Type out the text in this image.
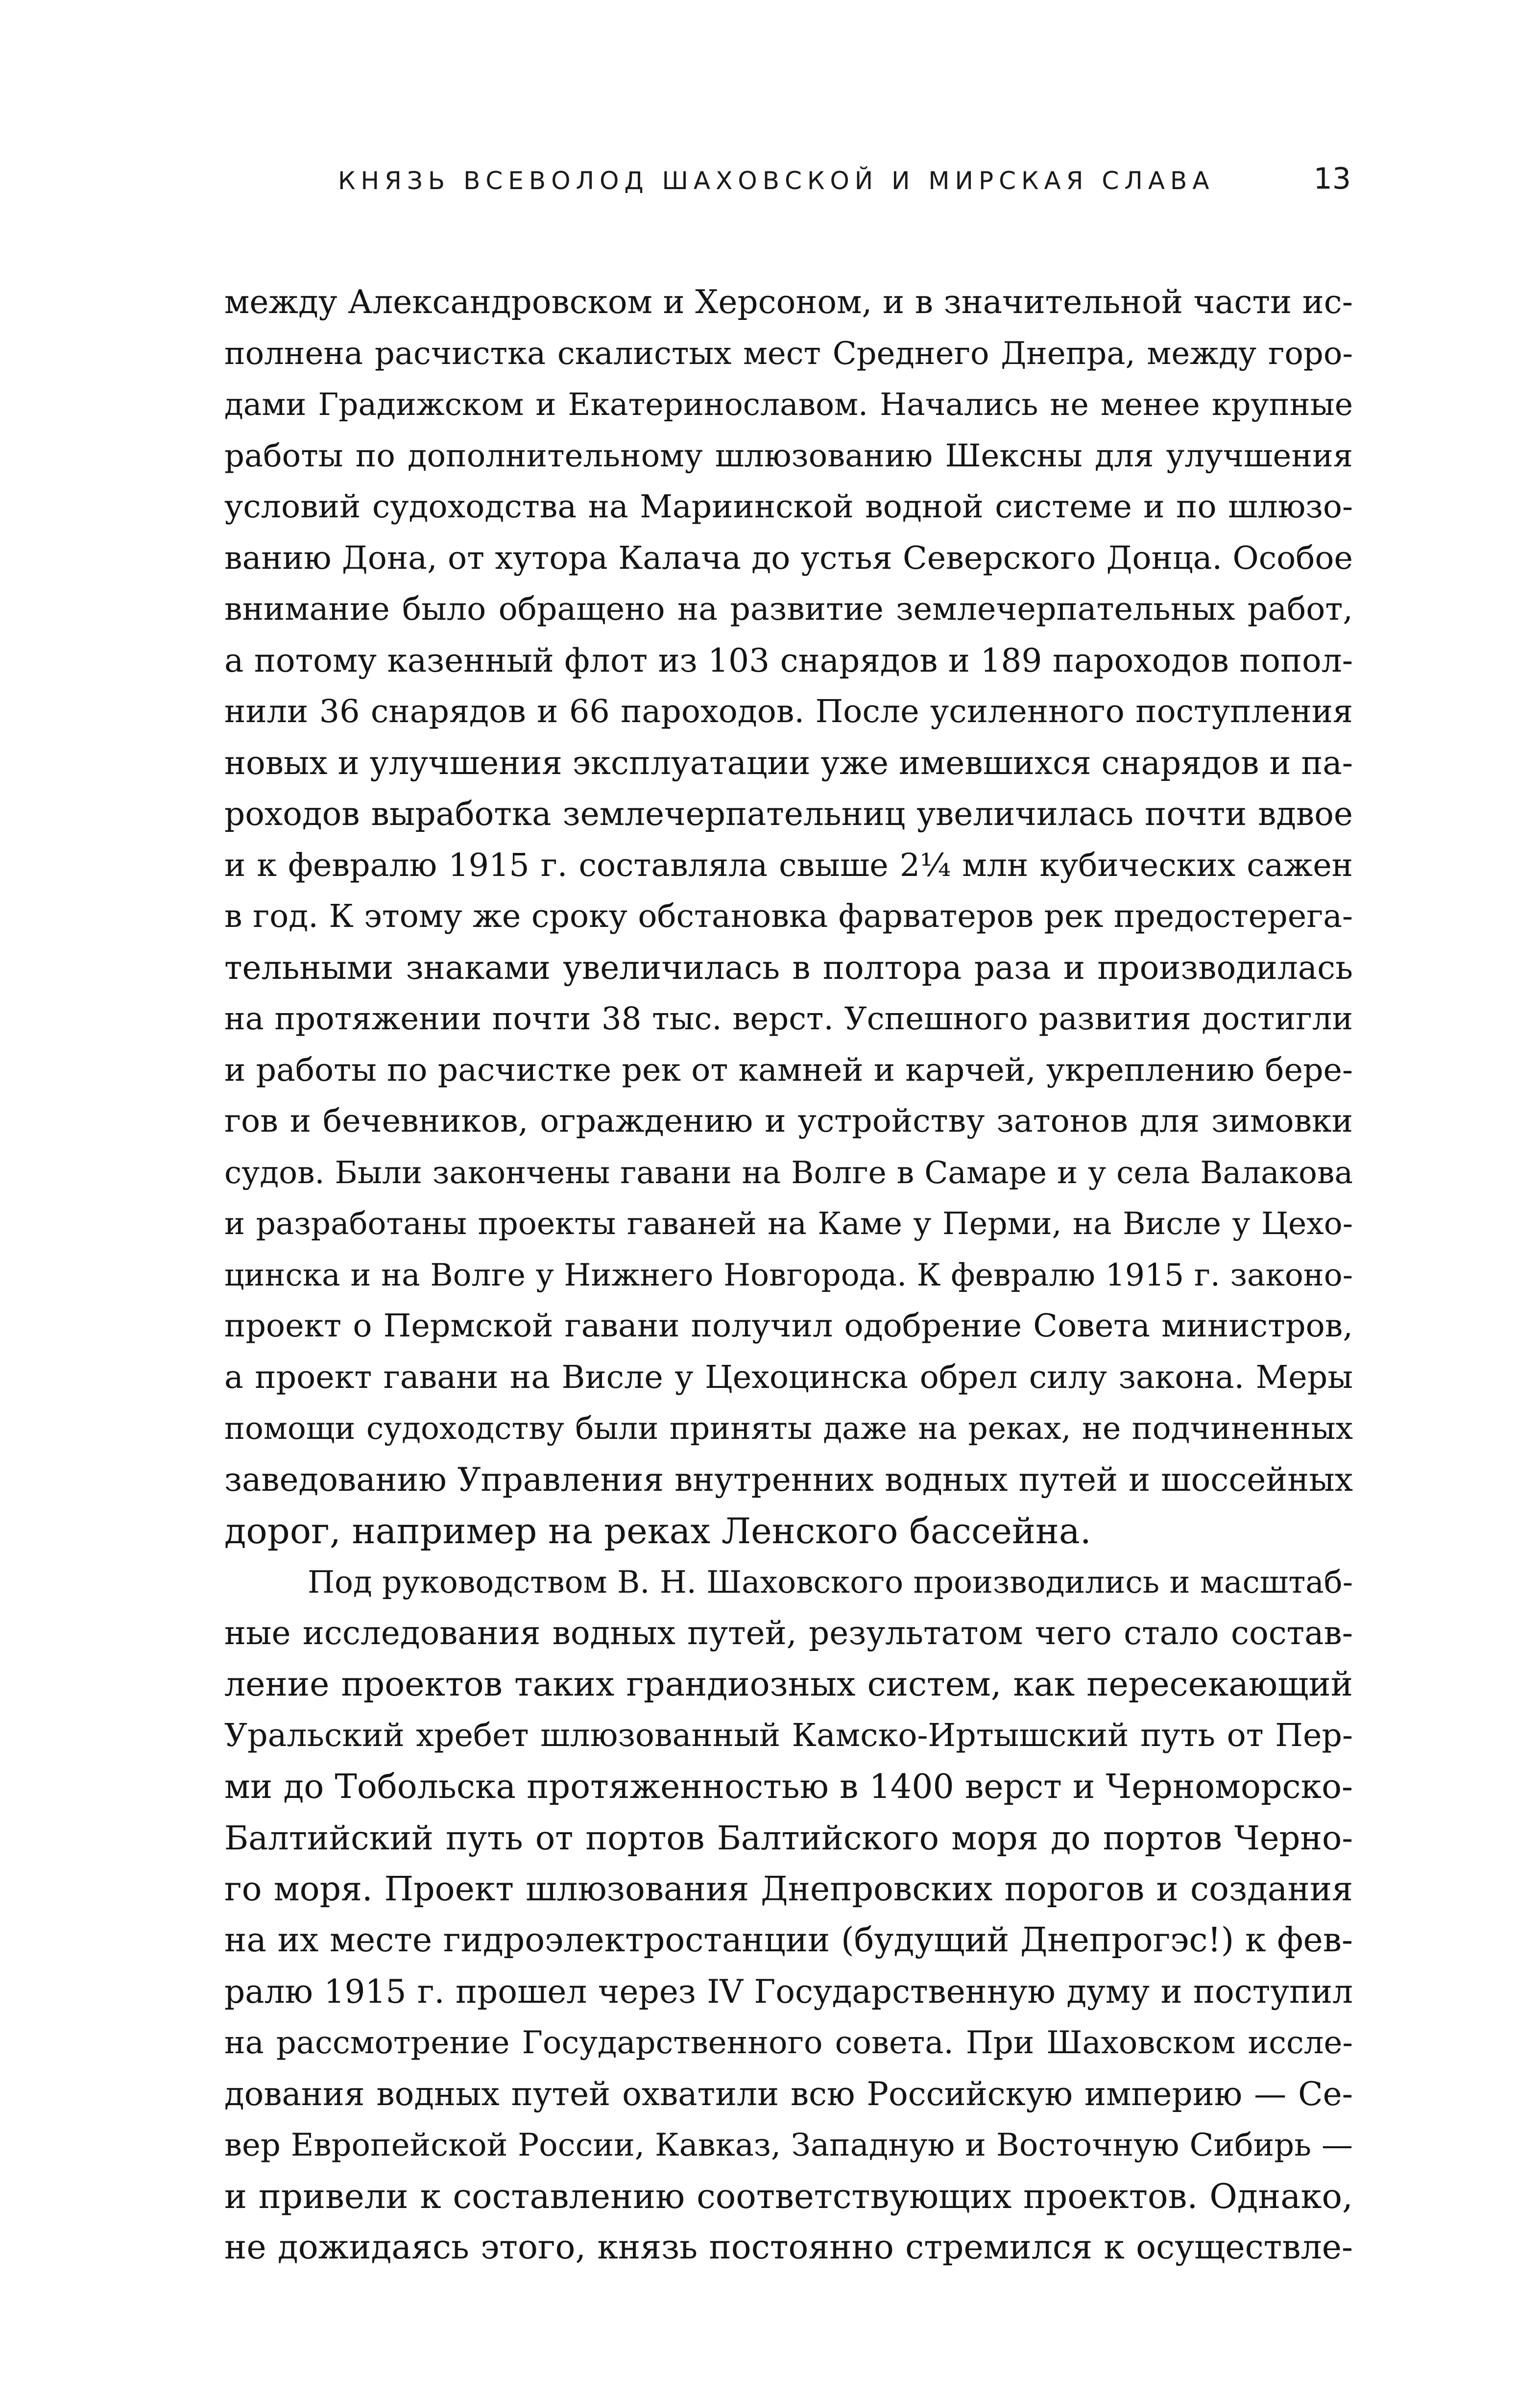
КНЯЗЬ ВСЕВОЛОД ШАХОВСКОЙ И МИРСКАЯ СЛАВА	13

между Александровском и Херсоном, и в значительной части ис-
полнена расчистка скалистых мест Среднего Днепра, между горо-
дами Градижском и Екатеринославом. Начались не менее крупные
работы по дополнительному шлюзованию Шексны для улучшения
условий судоходства на Мариинской водной системе и по шлюзо-
ванию Дона, от хутора Калача до устья Северского Донца. Особое
внимание было обращено на развитие землечерпательных работ,
а потому казенный флот из 103 снарядов и 189 пароходов попол-
нили 36 снарядов и 66 пароходов. После усиленного поступления
новых и улучшения эксплуатации уже имевшихся снарядов и па-
роходов выработка землечерпательниц увеличилась почти вдвое
и к февралю 1915 г. составляла свыше 2¼ млн кубических сажен
в год. К этому же сроку обстановка фарватеров рек предостерега-
тельными знаками увеличилась в полтора раза и производилась
на протяжении почти 38 тыс. верст. Успешного развития достигли
и работы по расчистке рек от камней и карчей, укреплению бере-
гов и бечевников, ограждению и устройству затонов для зимовки
судов. Были закончены гавани на Волге в Самаре и у села Валакова
и разработаны проекты гаваней на Каме у Перми, на Висле у Цехо-
цинска и на Волге у Нижнего Новгорода. К февралю 1915 г. законо-
проект о Пермской гавани получил одобрение Совета министров,
а проект гавани на Висле у Цехоцинска обрел силу закона. Меры
помощи судоходству были приняты даже на реках, не подчиненных
заведованию Управления внутренних водных путей и шоссейных
дорог, например на реках Ленского бассейна.

Под руководством В. Н. Шаховского производились и масштаб-
ные исследования водных путей, результатом чего стало состав-
ление проектов таких грандиозных систем, как пересекающий
Уральский хребет шлюзованный Камско-Иртышский путь от Пер-
ми до Тобольска протяженностью в 1400 верст и Черноморско-
Балтийский путь от портов Балтийского моря до портов Черно-
го моря. Проект шлюзования Днепровских порогов и создания
на их месте гидроэлектростанции (будущий Днепрогэс!) к фев-
ралю 1915 г. прошел через IV Государственную думу и поступил
на рассмотрение Государственного совета. При Шаховском иссле-
дования водных путей охватили всю Российскую империю — Се-
вер Европейской России, Кавказ, Западную и Восточную Сибирь —
и привели к составлению соответствующих проектов. Однако,
не дожидаясь этого, князь постоянно стремился к осуществле-
